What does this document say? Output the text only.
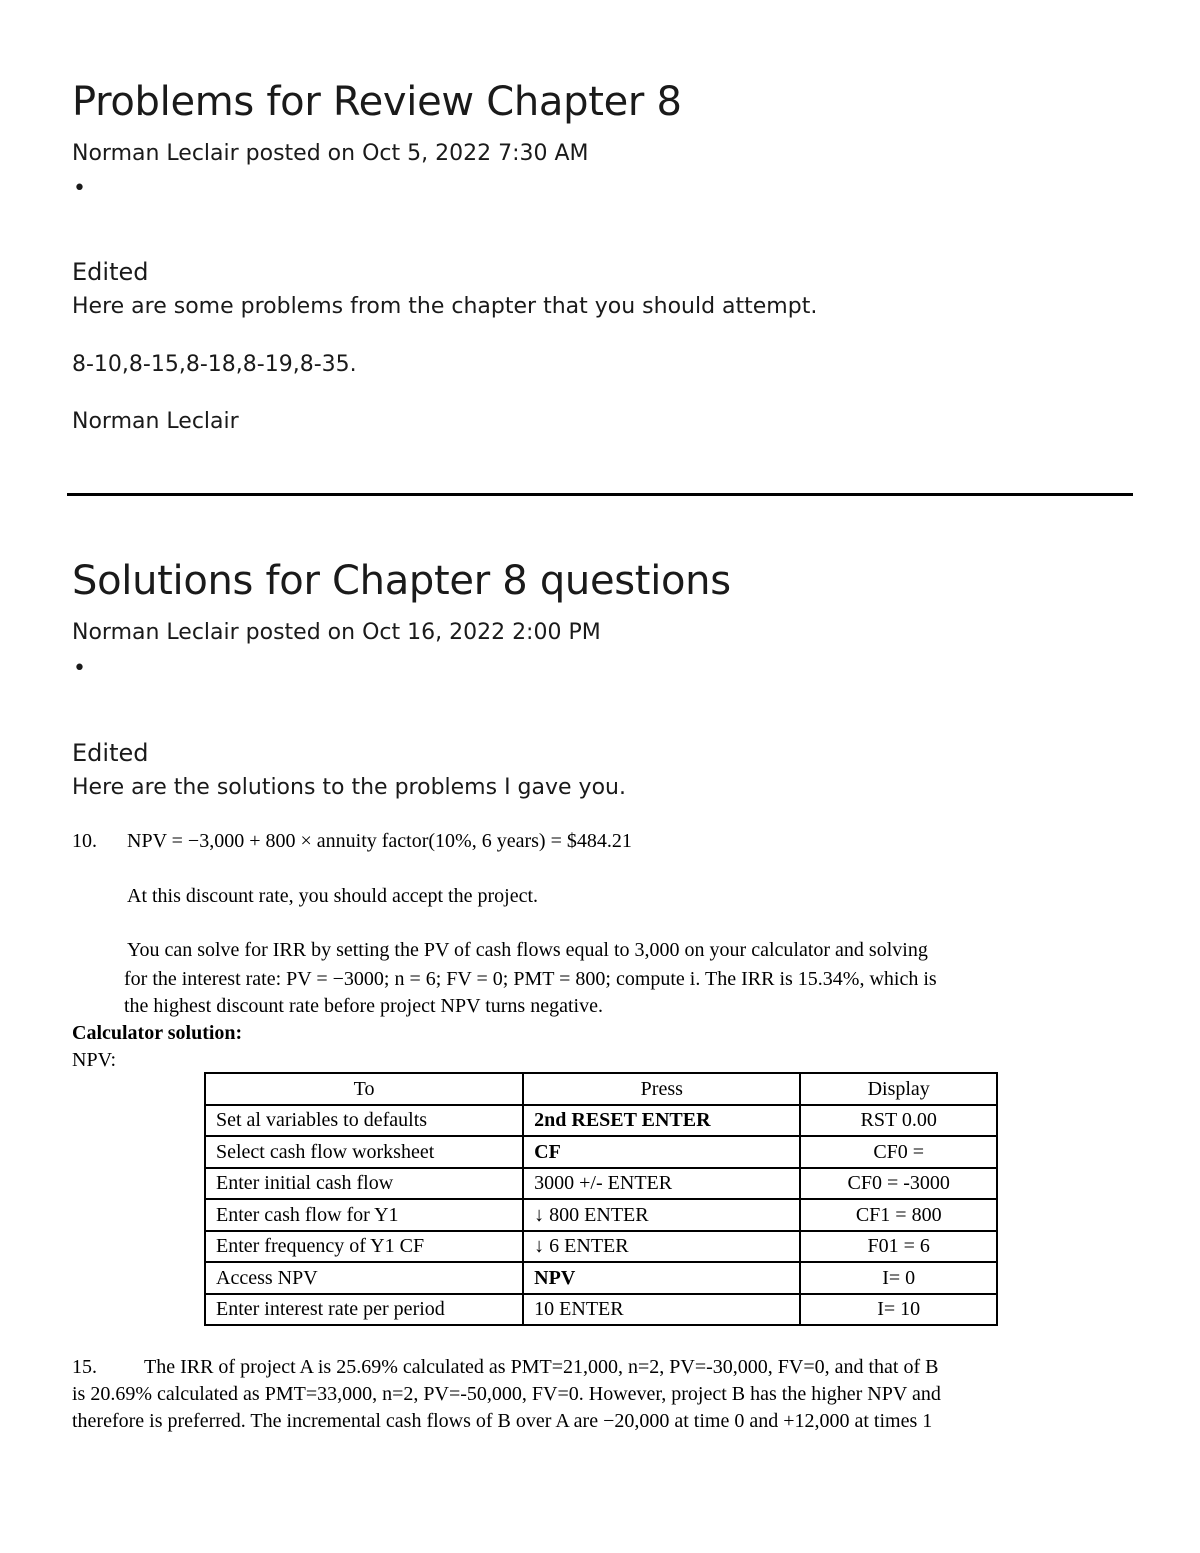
Problems for Review Chapter 8
Norman Leclair posted on Oct 5, 2022 7:30 AM
•
Edited
Here are some problems from the chapter that you should attempt.
8-10,8-15,8-18,8-19,8-35.
Norman Leclair
Solutions for Chapter 8 questions
Norman Leclair posted on Oct 16, 2022 2:00 PM
•
Edited
Here are the solutions to the problems I gave you.
10. NPV = −3,000 + 800 × annuity factor(10%, 6 years) = $484.21
At this discount rate, you should accept the project.
You can solve for IRR by setting the PV of cash flows equal to 3,000 on your calculator and solving
for the interest rate: PV = −3000; n = 6; FV = 0; PMT = 800; compute i. The IRR is 15.34%, which is
the highest discount rate before project NPV turns negative.
Calculator solution:
NPV:
To	Press	Display
Set al variables to defaults	2nd RESET ENTER	RST 0.00
Select cash flow worksheet	CF	CF0 =
Enter initial cash flow	3000 +/- ENTER	CF0 = -3000
Enter cash flow for Y1	↓ 800 ENTER	CF1 = 800
Enter frequency of Y1 CF	↓ 6 ENTER	F01 = 6
Access NPV	NPV	I= 0
Enter interest rate per period	10 ENTER	I= 10
15. The IRR of project A is 25.69% calculated as PMT=21,000, n=2, PV=-30,000, FV=0, and that of B
is 20.69% calculated as PMT=33,000, n=2, PV=-50,000, FV=0. However, project B has the higher NPV and
therefore is preferred. The incremental cash flows of B over A are −20,000 at time 0 and +12,000 at times 1
